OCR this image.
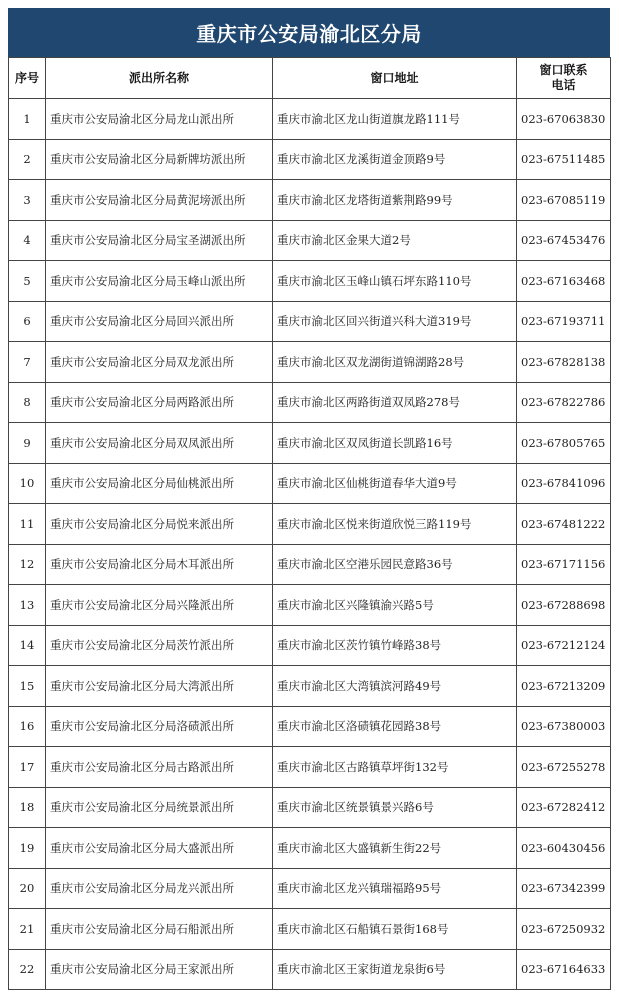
重庆市公安局渝北区分局
序号	派出所名称	窗口地址	窗口联系
电话
1	重庆市公安局渝北区分局龙山派出所	重庆市渝北区龙山街道旗龙路111号	023-67063830
2	重庆市公安局渝北区分局新牌坊派出所	重庆市渝北区龙溪街道金顶路9号	023-67511485
3	重庆市公安局渝北区分局黄泥塝派出所	重庆市渝北区龙塔街道紫荆路99号	023-67085119
4	重庆市公安局渝北区分局宝圣湖派出所	重庆市渝北区金果大道2号	023-67453476
5	重庆市公安局渝北区分局玉峰山派出所	重庆市渝北区玉峰山镇石坪东路110号	023-67163468
6	重庆市公安局渝北区分局回兴派出所	重庆市渝北区回兴街道兴科大道319号	023-67193711
7	重庆市公安局渝北区分局双龙派出所	重庆市渝北区双龙湖街道锦湖路28号	023-67828138
8	重庆市公安局渝北区分局两路派出所	重庆市渝北区两路街道双凤路278号	023-67822786
9	重庆市公安局渝北区分局双凤派出所	重庆市渝北区双凤街道长凯路16号	023-67805765
10	重庆市公安局渝北区分局仙桃派出所	重庆市渝北区仙桃街道春华大道9号	023-67841096
11	重庆市公安局渝北区分局悦来派出所	重庆市渝北区悦来街道欣悦三路119号	023-67481222
12	重庆市公安局渝北区分局木耳派出所	重庆市渝北区空港乐园民意路36号	023-67171156
13	重庆市公安局渝北区分局兴隆派出所	重庆市渝北区兴隆镇渝兴路5号	023-67288698
14	重庆市公安局渝北区分局茨竹派出所	重庆市渝北区茨竹镇竹峰路38号	023-67212124
15	重庆市公安局渝北区分局大湾派出所	重庆市渝北区大湾镇滨河路49号	023-67213209
16	重庆市公安局渝北区分局洛碛派出所	重庆市渝北区洛碛镇花园路38号	023-67380003
17	重庆市公安局渝北区分局古路派出所	重庆市渝北区古路镇草坪街132号	023-67255278
18	重庆市公安局渝北区分局统景派出所	重庆市渝北区统景镇景兴路6号	023-67282412
19	重庆市公安局渝北区分局大盛派出所	重庆市渝北区大盛镇新生街22号	023-60430456
20	重庆市公安局渝北区分局龙兴派出所	重庆市渝北区龙兴镇瑞福路95号	023-67342399
21	重庆市公安局渝北区分局石船派出所	重庆市渝北区石船镇石景街168号	023-67250932
22	重庆市公安局渝北区分局王家派出所	重庆市渝北区王家街道龙泉街6号	023-67164633
